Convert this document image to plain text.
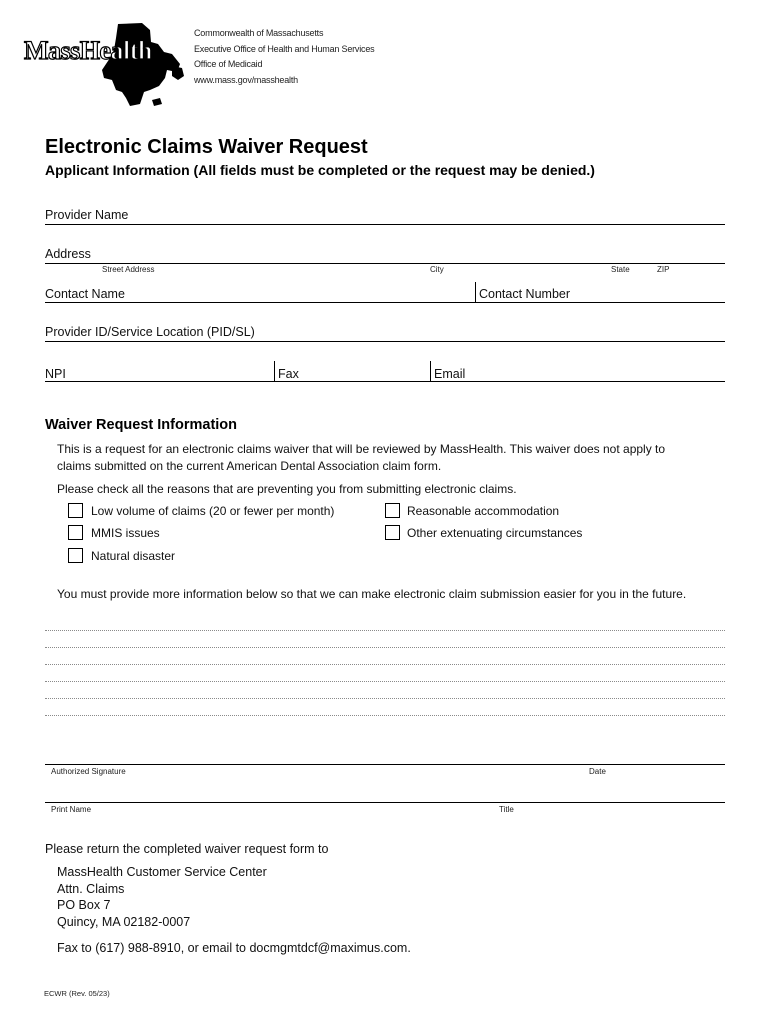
MassHealth
Commonwealth of Massachusetts
Executive Office of Health and Human Services
Office of Medicaid
www.mass.gov/masshealth
Electronic Claims Waiver Request
Applicant Information (All fields must be completed or the request may be denied.)
Provider Name
Address
Street Address	City	State	ZIP
Contact Name	Contact Number
Provider ID/Service Location (PID/SL)
NPI	Fax	Email
Waiver Request Information
This is a request for an electronic claims waiver that will be reviewed by MassHealth. This waiver does not apply to
claims submitted on the current American Dental Association claim form.
Please check all the reasons that are preventing you from submitting electronic claims.
Low volume of claims (20 or fewer per month)	Reasonable accommodation
MMIS issues	Other extenuating circumstances
Natural disaster
You must provide more information below so that we can make electronic claim submission easier for you in the future.
Authorized Signature	Date
Print Name	Title
Please return the completed waiver request form to
MassHealth Customer Service Center
Attn. Claims
PO Box 7
Quincy, MA 02182-0007
Fax to (617) 988-8910, or email to docmgmtdcf@maximus.com.
ECWR (Rev. 05/23)
